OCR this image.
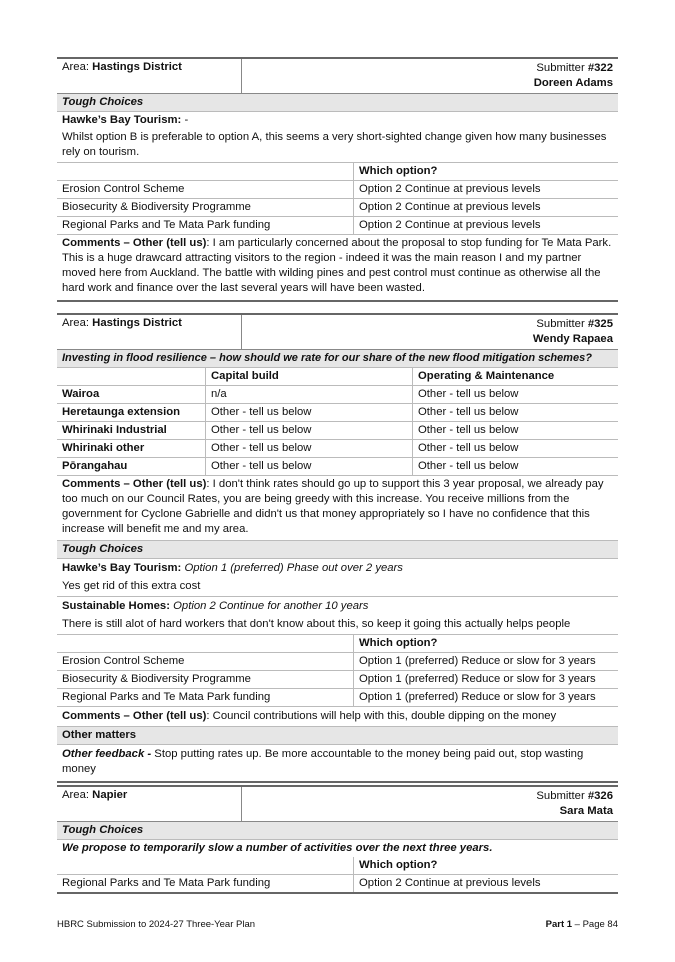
Area: Hastings District	Submitter #322
Doreen Adams
Tough Choices
Hawke’s Bay Tourism: -
Whilst option B is preferable to option A, this seems a very short-sighted change given how many businesses rely on tourism.
	Which option?
Erosion Control Scheme	Option 2 Continue at previous levels
Biosecurity & Biodiversity Programme	Option 2 Continue at previous levels
Regional Parks and Te Mata Park funding	Option 2 Continue at previous levels
Comments – Other (tell us): I am particularly concerned about the proposal to stop funding for Te Mata Park. This is a huge drawcard attracting visitors to the region - indeed it was the main reason I and my partner moved here from Auckland. The battle with wilding pines and pest control must continue as otherwise all the hard work and finance over the last several years will have been wasted.
Area: Hastings District	Submitter #325
Wendy Rapaea
Investing in flood resilience – how should we rate for our share of the new flood mitigation schemes?
	Capital build	Operating & Maintenance
Wairoa	n/a	Other - tell us below
Heretaunga extension	Other - tell us below	Other - tell us below
Whirinaki Industrial	Other - tell us below	Other - tell us below
Whirinaki other	Other - tell us below	Other - tell us below
Pōrangahau	Other - tell us below	Other - tell us below
Comments – Other (tell us): I don't think rates should go up to support this 3 year proposal, we already pay too much on our Council Rates, you are being greedy with this increase. You receive millions from the government for Cyclone Gabrielle and didn't us that money appropriately so I have no confidence that this increase will benefit me and my area.
Tough Choices
Hawke’s Bay Tourism: Option 1 (preferred) Phase out over 2 years
Yes get rid of this extra cost
Sustainable Homes: Option 2 Continue for another 10 years
There is still alot of hard workers that don't know about this, so keep it going this actually helps people
	Which option?
Erosion Control Scheme	Option 1 (preferred) Reduce or slow for 3 years
Biosecurity & Biodiversity Programme	Option 1 (preferred) Reduce or slow for 3 years
Regional Parks and Te Mata Park funding	Option 1 (preferred) Reduce or slow for 3 years
Comments – Other (tell us): Council contributions will help with this, double dipping on the money
Other matters
Other feedback - Stop putting rates up. Be more accountable to the money being paid out, stop wasting money
Area: Napier	Submitter #326
Sara Mata
Tough Choices
We propose to temporarily slow a number of activities over the next three years.
	Which option?
Regional Parks and Te Mata Park funding	Option 2 Continue at previous levels
HBRC Submission to 2024-27 Three-Year Plan	Part 1 – Page 84
